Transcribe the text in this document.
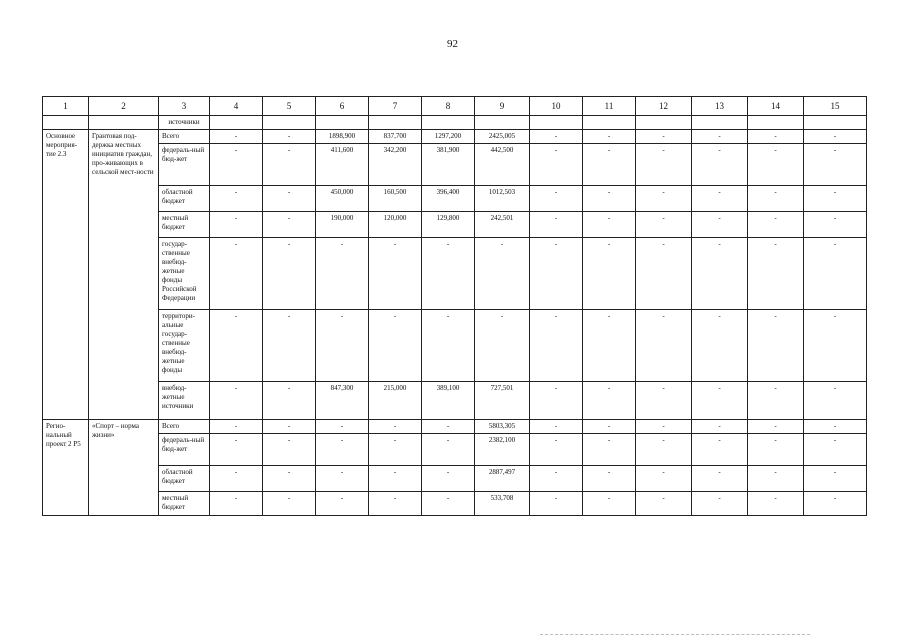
92
1	2	3	4	5	6	7	8	9	10	11	12	13	14	15
		источники												
Основное мероприя-тие 2.3	Грантовая под-держка местных инициатив граждан, про-живающих в сельской мест-ности	Всего	-	-	1898,900	837,700	1297,200	2425,005	-	-	-	-	-	-
		федераль-ный бюд-жет	-	-	411,600	342,200	381,900	442,500	-	-	-	-	-	-
		областной бюджет	-	-	450,000	160,500	396,400	1012,503	-	-	-	-	-	-
		местный бюджет	-	-	190,000	120,000	129,800	242,501	-	-	-	-	-	-
		государ-ственные внебюд-жетные фонды Российской Федерации	-	-	-	-	-	-	-	-	-	-	-	-
		территори-альные государ-ственные внебюд-жетные фонды	-	-	-	-	-	-	-	-	-	-	-	-
		внебюд-жетные источники	-	-	847,300	215,000	389,100	727,501	-	-	-	-	-	-
Регио-нальный проект 2 Р5	«Спорт – норма жизни»	Всего	-	-	-	-	-	5803,305	-	-	-	-	-	-
		федераль-ный бюд-жет	-	-	-	-	-	2382,100	-	-	-	-	-	-
		областной бюджет	-	-	-	-	-	2887,497	-	-	-	-	-	-
		местный бюджет	-	-	-	-	-	533,708	-	-	-	-	-	-
